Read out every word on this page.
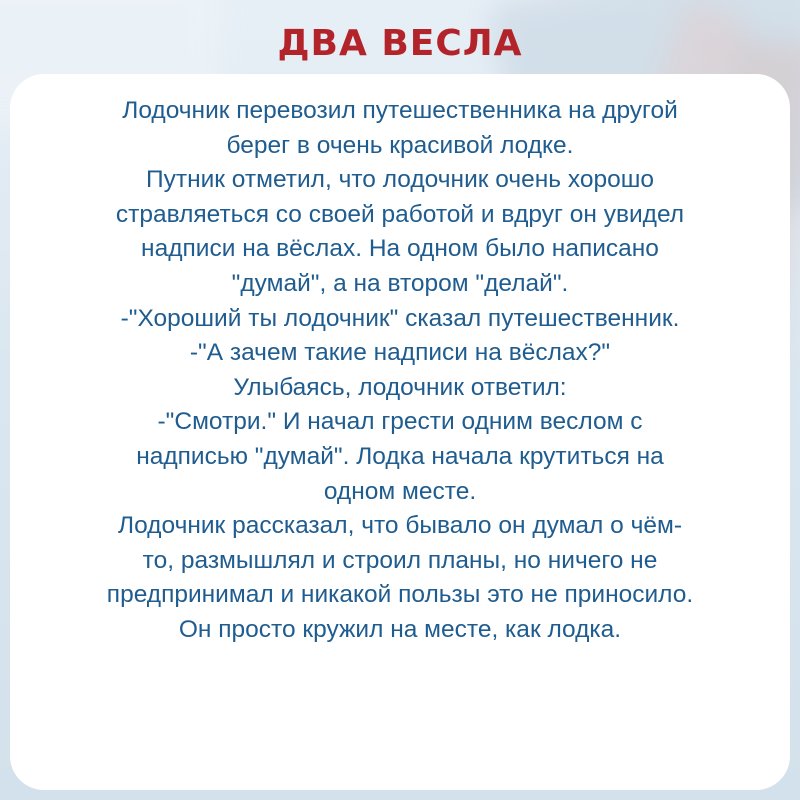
ДВА ВЕСЛА

Лодочник перевозил путешественника на другой
берег в очень красивой лодке.
Путник отметил, что лодочник очень хорошо
стравляеться со своей работой и вдруг он увидел
надписи на вёслах. На одном было написано
"думай", а на втором "делай".
-"Хороший ты лодочник" сказал путешественник.
-"А зачем такие надписи на вёслах?"
Улыбаясь, лодочник ответил:
-"Смотри." И начал грести одним веслом с
надписью "думай". Лодка начала крутиться на
одном месте.
Лодочник рассказал, что бывало он думал о чём-
то, размышлял и строил планы, но ничего не
предпринимал и никакой пользы это не приносило.
Он просто кружил на месте, как лодка.
